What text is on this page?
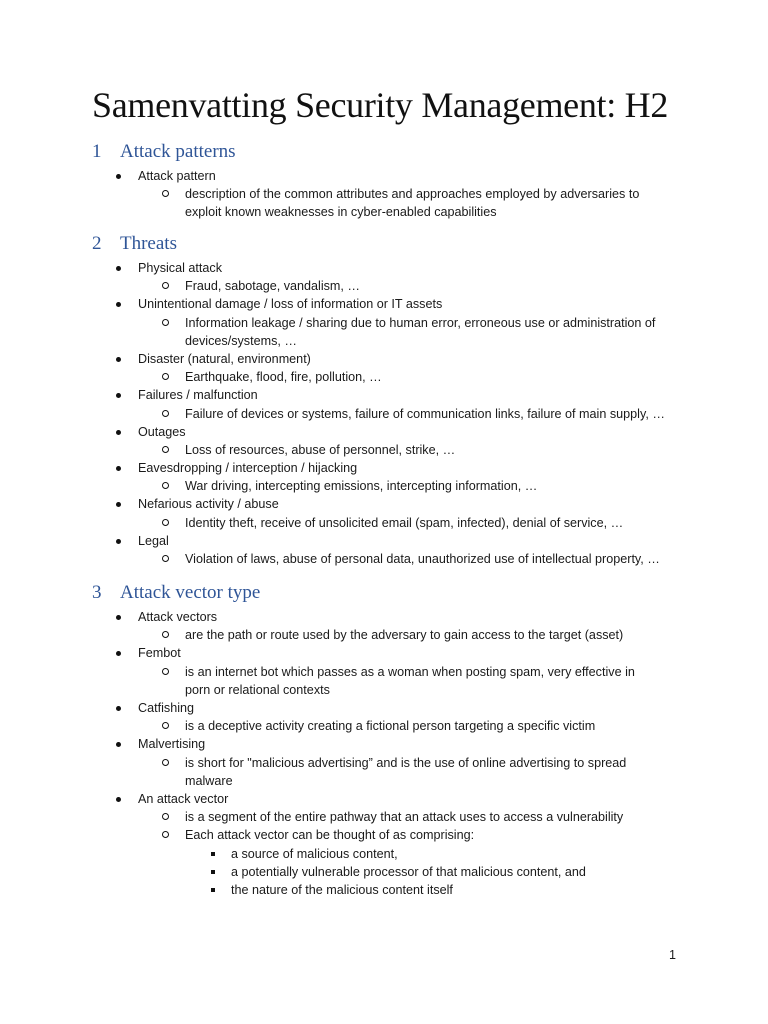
Samenvatting Security Management: H2
1 Attack patterns
Attack pattern
description of the common attributes and approaches employed by adversaries to exploit known weaknesses in cyber-enabled capabilities
2 Threats
Physical attack
Fraud, sabotage, vandalism, …
Unintentional damage / loss of information or IT assets
Information leakage / sharing due to human error, erroneous use or administration of devices/systems, …
Disaster (natural, environment)
Earthquake, flood, fire, pollution, …
Failures / malfunction
Failure of devices or systems, failure of communication links, failure of main supply, …
Outages
Loss of resources, abuse of personnel, strike, …
Eavesdropping / interception / hijacking
War driving, intercepting emissions, intercepting information, …
Nefarious activity / abuse
Identity theft, receive of unsolicited email (spam, infected), denial of service, …
Legal
Violation of laws, abuse of personal data, unauthorized use of intellectual property, …
3 Attack vector type
Attack vectors
are the path or route used by the adversary to gain access to the target (asset)
Fembot
is an internet bot which passes as a woman when posting spam, very effective in porn or relational contexts
Catfishing
is a deceptive activity creating a fictional person targeting a specific victim
Malvertising
is short for "malicious advertising” and is the use of online advertising to spread malware
An attack vector
is a segment of the entire pathway that an attack uses to access a vulnerability
Each attack vector can be thought of as comprising:
a source of malicious content,
a potentially vulnerable processor of that malicious content, and
the nature of the malicious content itself
1
